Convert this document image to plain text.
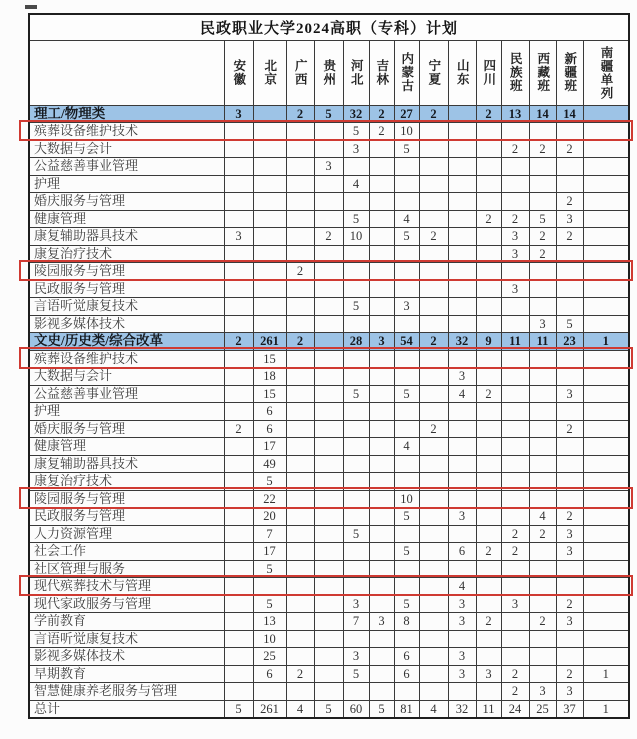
民政职业大学2024高职（专科）计划														

	安徽	北京	广西	贵州	河北	吉林	内蒙古	宁夏	山东	四川	民族班	西藏班	新疆班	南疆单列

理工/物理类	3		2	5	32	2	27	2		2	13	14	14	
殡葬设备维护技术					5	2	10							
大数据与会计					3		5				2	2	2	
公益慈善事业管理				3										
护理					4									
婚庆服务与管理													2	
健康管理					5		4			2	2	5	3	
康复辅助器具技术	3			2	10		5	2			3	2	2	
康复治疗技术											3	2		
陵园服务与管理			2											
民政服务与管理											3			
言语听觉康复技术					5		3							
影视多媒体技术												3	5	
文史/历史类/综合改革	2	261	2		28	3	54	2	32	9	11	11	23	1
殡葬设备维护技术		15												
大数据与会计		18							3					
公益慈善事业管理		15			5		5		4	2			3	
护理		6												
婚庆服务与管理	2	6						2					2	
健康管理		17					4							
康复辅助器具技术		49												
康复治疗技术		5												
陵园服务与管理		22					10							
民政服务与管理		20					5		3			4	2	
人力资源管理		7			5						2	2	3	
社会工作		17					5		6	2	2		3	
社区管理与服务		5												
现代殡葬技术与管理									4					
现代家政服务与管理		5			3		5		3		3		2	
学前教育		13			7	3	8		3	2		2	3	
言语听觉康复技术		10												
影视多媒体技术		25			3		6		3					
早期教育		6	2		5		6		3	3	2		2	1
智慧健康养老服务与管理											2	3	3	
总计	5	261	4	5	60	5	81	4	32	11	24	25	37	1
